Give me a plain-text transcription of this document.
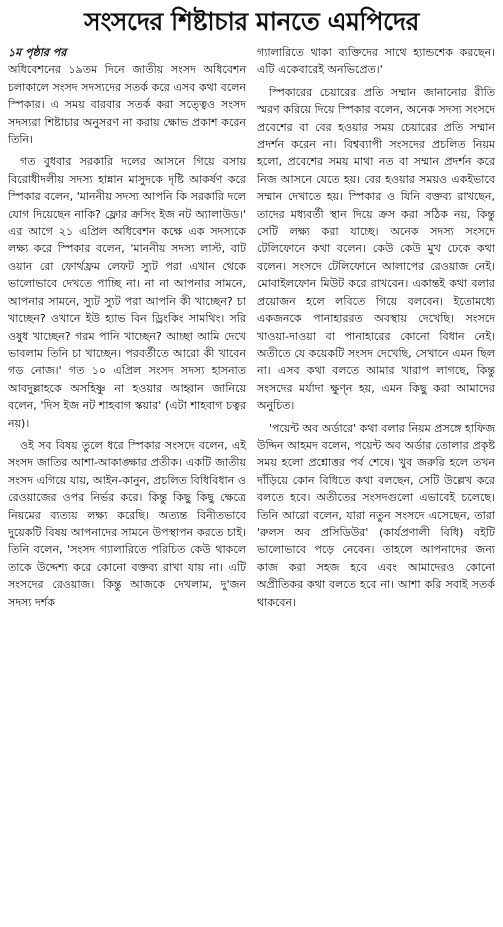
সংসদের শিষ্টাচার মানতে এমপিদের

১ম পৃষ্ঠার পর
অধিবেশনের ১৯তম দিনে জাতীয় সংসদ অধিবেশন চলাকালে সংসদ সদস্যদের সতর্ক করে এসব কথা বলেন স্পিকার। এ সময় বারবার সতর্ক করা সত্ত্বেও সংসদ সদস্যরা শিষ্টাচার অনুসরণ না করায় ক্ষোভ প্রকাশ করেন তিনি।

গত বুধবার সরকারি দলের আসনে গিয়ে বসায় বিরোধীদলীয় সদস্য হান্নান মাসুদকে দৃষ্টি আকর্ষণ করে স্পিকার বলেন, 'মাননীয় সদস্য আপনি কি সরকারি দলে যোগ দিয়েছেন নাকি? ফ্লোর ক্রসিং ইজ নট অ্যালাউড।' এর আগে ২১ এপ্রিল অধিবেশন কক্ষে এক সদস্যকে লক্ষ্য করে স্পিকার বলেন, 'মাননীয় সদস্য লাস্ট, বাট ওয়ান রো ফোর্থফ্রম লেফট স্যুট পরা এখান থেকে ভালোভাবে দেখতে পাচ্ছি না। না না আপনার সামনে, আপনার সামনে, স্যুট স্যুট পরা আপনি কী খাচ্ছেন? চা খাচ্ছেন? ওখানে ইউ হ্যাভ বিন ড্রিংকিং সামথিং। সরি ওষুধ খাচ্ছেন? গরম পানি খাচ্ছেন? আচ্ছা আমি দেখে ভাবলাম তিনি চা খাচ্ছেন। পরবর্তীতে আরো কী খাবেন গড নোজ।' গত ১০ এপ্রিল সংসদ সদস্য হাসনাত আবদুল্লাহকে অসহিষ্ণু না হওয়ার আহ্বান জানিয়ে বলেন, 'দিস ইজ নট শাহবাগ স্কয়ার' (এটা শাহবাগ চত্বর নয়)।

ওই সব বিষয় তুলে ধরে স্পিকার সংসদে বলেন, এই সংসদ জাতির আশা-আকাঙ্ক্ষার প্রতীক। একটি জাতীয় সংসদ এগিয়ে যায়, আইন-কানুন, প্রচলিত বিধিবিধান ও রেওয়াজের ওপর নির্ভর করে। কিন্তু কিছু কিছু ক্ষেত্রে নিয়মের ব্যত্যয় লক্ষ্য করেছি। অত্যন্ত বিনীতভাবে দুয়েকটি বিষয় আপনাদের সামনে উপস্থাপন করতে চাই। তিনি বলেন, 'সংসদ গ্যালারিতে পরিচিত কেউ থাকলে তাকে উদ্দেশ্য করে কোনো বক্তব্য রাখা যায় না। এটি সংসদের রেওয়াজ। কিন্তু আজকে দেখলাম, দু'জন সদস্য দর্শক

গ্যালারিতে থাকা ব্যক্তিদের সাথে হ্যান্ডশেক করছেন। এটি একেবারেই অনভিপ্রেত।'

স্পিকারের চেয়ারের প্রতি সম্মান জানানোর রীতি স্মরণ করিয়ে দিয়ে স্পিকার বলেন, অনেক সদস্য সংসদে প্রবেশের বা বের হওয়ার সময় চেয়ারের প্রতি সম্মান প্রদর্শন করেন না। বিশ্বব্যাপী সংসদের প্রচলিত নিয়ম হলো, প্রবেশের সময় মাথা নত বা সম্মান প্রদর্শন করে নিজ আসনে যেতে হয়। বের হওয়ার সময়ও একইভাবে সম্মান দেখাতে হয়। স্পিকার ও যিনি বক্তব্য রাখছেন, তাদের মধ্যবর্তী স্থান দিয়ে ক্রস করা সঠিক নয়, কিন্তু সেটি লক্ষ্য করা যাচ্ছে। অনেক সদস্য সংসদে টেলিফোনে কথা বলেন। কেউ কেউ মুখ ঢেকে কথা বলেন। সংসদে টেলিফোনে আলাপের রেওয়াজ নেই। মোবাইলফোন মিউট করে রাখবেন। একান্তই কথা বলার প্রয়োজন হলে লবিতে গিয়ে বলবেন। ইতোমধ্যে একজনকে পানাহাররত অবস্থায় দেখেছি। সংসদে খাওয়া-দাওয়া বা পানাহারের কোনো বিধান নেই। অতীতে যে কয়েকটি সংসদ দেখেছি, সেখানে এমন ছিল না। এসব কথা বলতে আমার খারাপ লাগছে, কিন্তু সংসদের মর্যাদা ক্ষুণ্ন হয়, এমন কিছু করা আমাদের অনুচিত।

'পয়েন্ট অব অর্ডারে' কথা বলার নিয়ম প্রসঙ্গে হাফিজ উদ্দিন আহমদ বলেন, পয়েন্ট অব অর্ডার তোলার প্রকৃষ্ট সময় হলো প্রশ্নোত্তর পর্ব শেষে। খুব জরুরি হলে তখন দাঁড়িয়ে কোন বিধিতে কথা বলছেন, সেটি উল্লেখ করে বলতে হবে। অতীতের সংসদগুলো এভাবেই চলেছে। তিনি আরো বলেন, যারা নতুন সংসদে এসেছেন, তারা 'রুলস অব প্রসিডিউর' (কার্যপ্রণালী বিধি) বইটি ভালোভাবে পড়ে নেবেন। তাহলে আপনাদের জন্য কাজ করা সহজ হবে এবং আমাদেরও কোনো অপ্রীতিকর কথা বলতে হবে না। আশা করি সবাই সতর্ক থাকবেন।
